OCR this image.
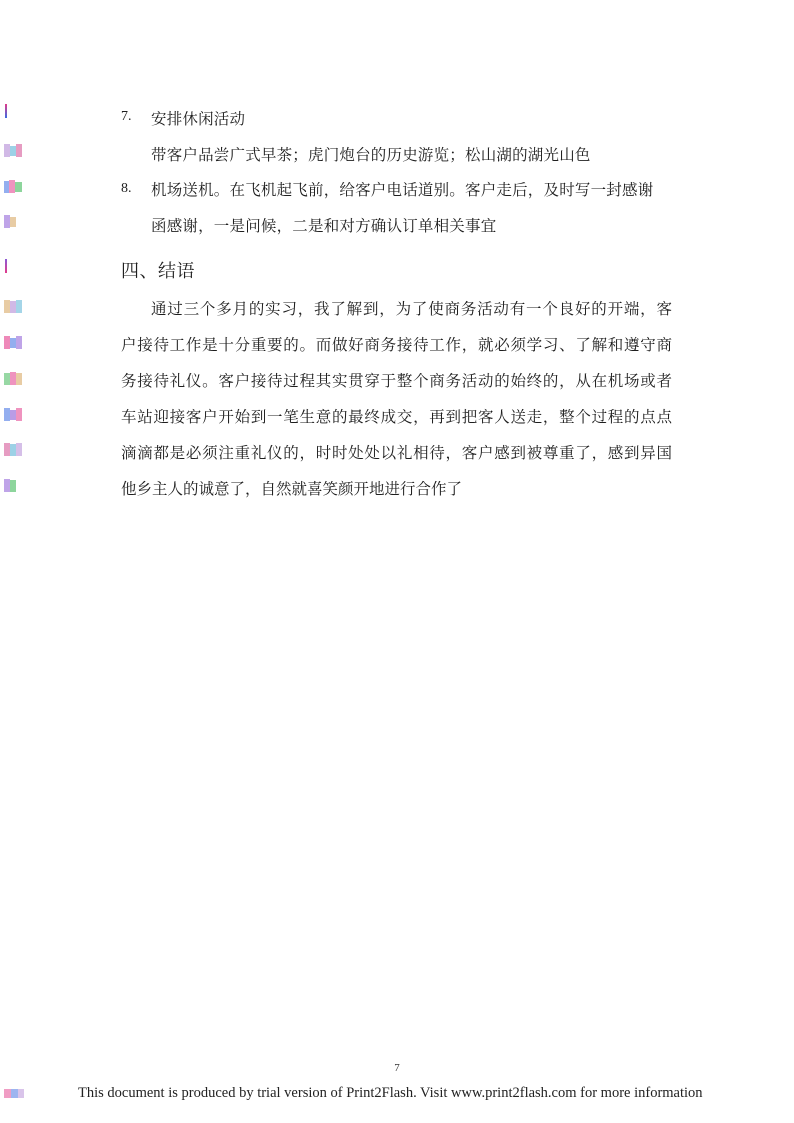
7. 安排休闲活动
带客户品尝广式早茶；虎门炮台的历史游览；松山湖的湖光山色
8. 机场送机。在飞机起飞前，给客户电话道别。客户走后，及时写一封感谢
函感谢，一是问候，二是和对方确认订单相关事宜
四、结语
通过三个多月的实习，我了解到，为了使商务活动有一个良好的开端，客
户接待工作是十分重要的。而做好商务接待工作，就必须学习、了解和遵守商
务接待礼仪。客户接待过程其实贯穿于整个商务活动的始终的，从在机场或者
车站迎接客户开始到一笔生意的最终成交，再到把客人送走，整个过程的点点
滴滴都是必须注重礼仪的，时时处处以礼相待，客户感到被尊重了，感到异国
他乡主人的诚意了，自然就喜笑颜开地进行合作了
7
This document is produced by trial version of Print2Flash. Visit www.print2flash.com for more information
